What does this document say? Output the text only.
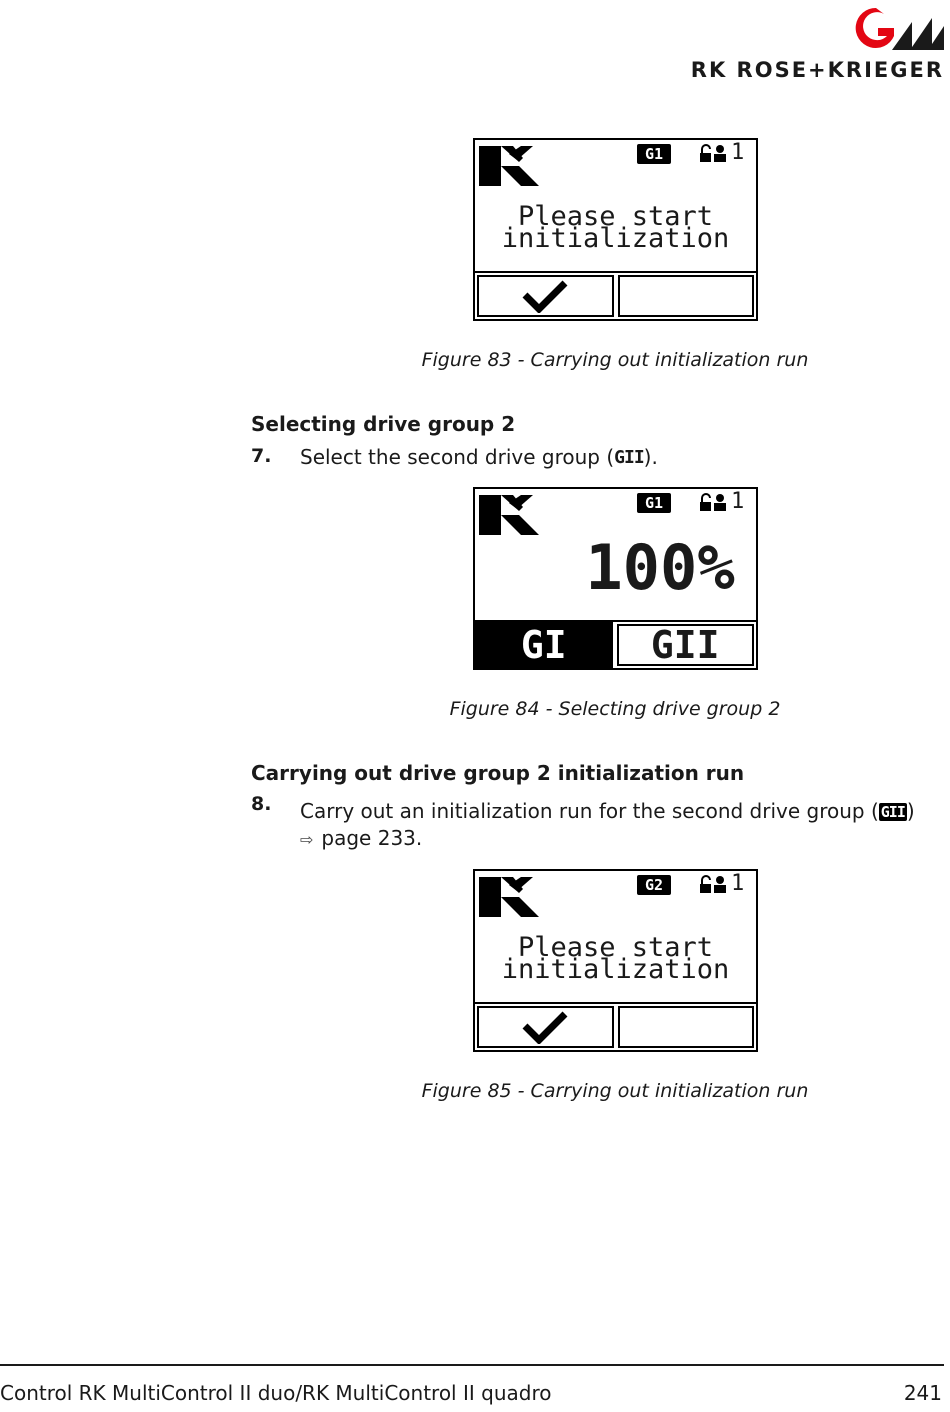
RK ROSE+KRIEGER
G1	1
Please start
initialization
Figure 83 - Carrying out initialization run
Selecting drive group 2
7. Select the second drive group (GII).
G1	1
100%
GI	GII
Figure 84 - Selecting drive group 2
Carrying out drive group 2 initialization run
8. Carry out an initialization run for the second drive group ( GII )
⇨ page 233.
G2	1
Please start
initialization
Figure 85 - Carrying out initialization run
Control RK MultiControl II duo/RK MultiControl II quadro	241
